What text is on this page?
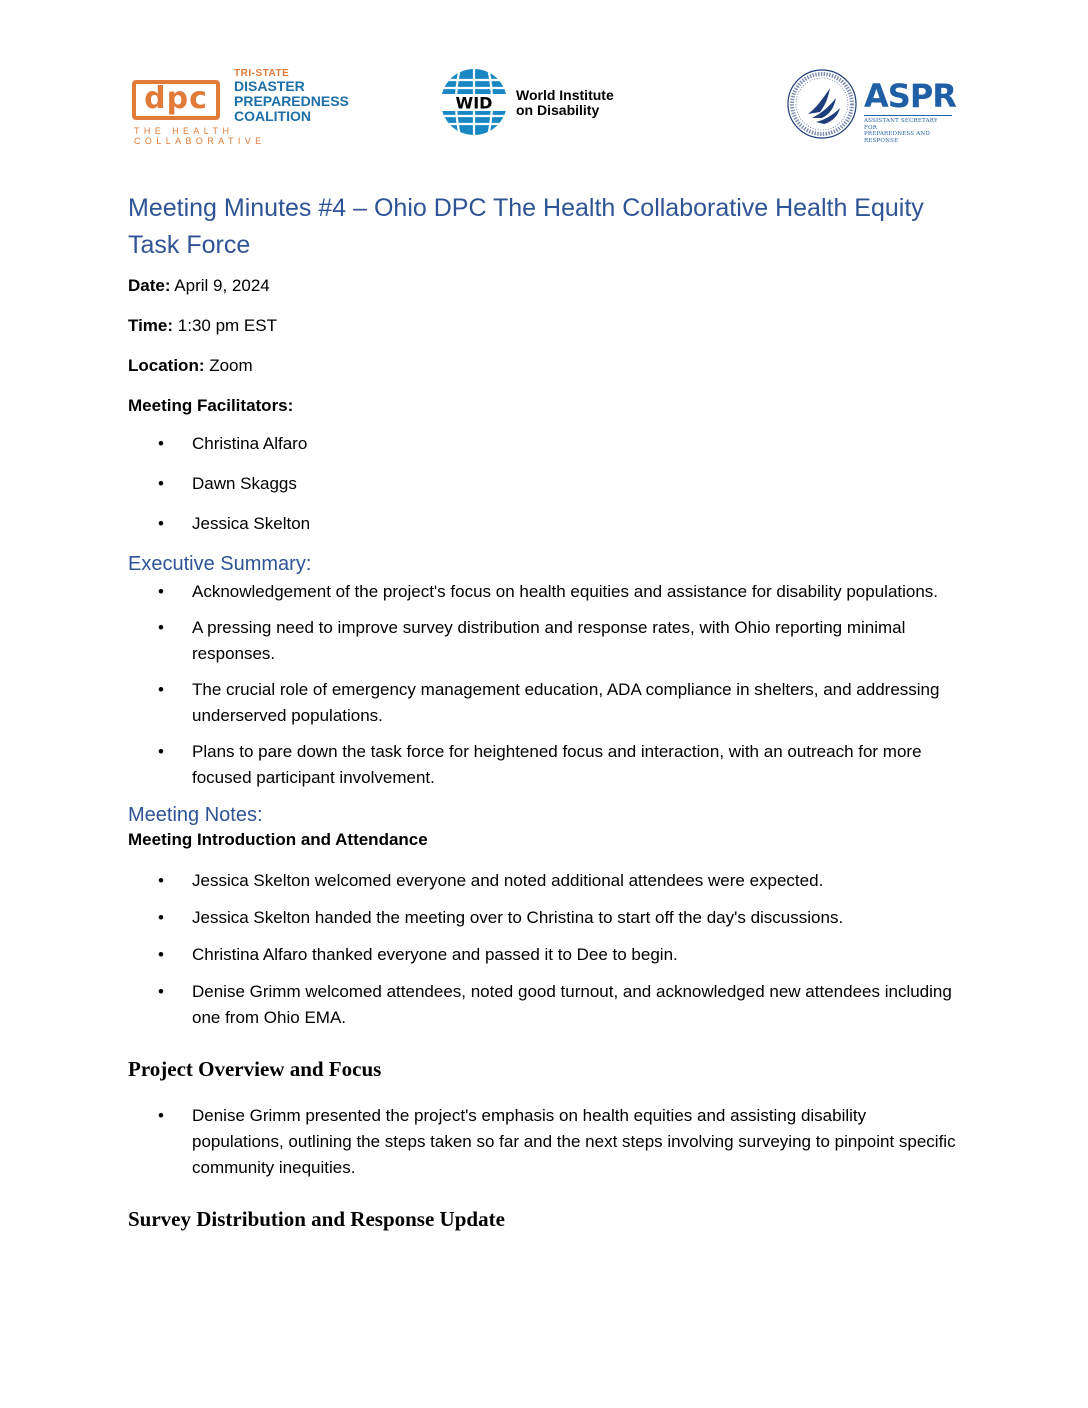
dpc
TRI-STATE
DISASTER
PREPAREDNESS
COALITION
THE HEALTH COLLABORATIVE
WID World Institute
on Disability	ASPR
ASSISTANT SECRETARY FOR
PREPAREDNESS AND RESPONSE
Meeting Minutes #4 – Ohio DPC The Health Collaborative Health Equity Task Force

Date: April 9, 2024

Time: 1:30 pm EST

Location: Zoom

Meeting Facilitators:

• Christina Alfaro
• Dawn Skaggs
• Jessica Skelton
Executive Summary:
• Acknowledgement of the project's focus on health equities and assistance for disability populations.
• A pressing need to improve survey distribution and response rates, with Ohio reporting minimal responses.
• The crucial role of emergency management education, ADA compliance in shelters, and addressing underserved populations.
• Plans to pare down the task force for heightened focus and interaction, with an outreach for more focused participant involvement.
Meeting Notes:
Meeting Introduction and Attendance
• Jessica Skelton welcomed everyone and noted additional attendees were expected.
• Jessica Skelton handed the meeting over to Christina to start off the day's discussions.
• Christina Alfaro thanked everyone and passed it to Dee to begin.
• Denise Grimm welcomed attendees, noted good turnout, and acknowledged new attendees including one from Ohio EMA.
Project Overview and Focus
• Denise Grimm presented the project's emphasis on health equities and assisting disability populations, outlining the steps taken so far and the next steps involving surveying to pinpoint specific community inequities.
Survey Distribution and Response Update
